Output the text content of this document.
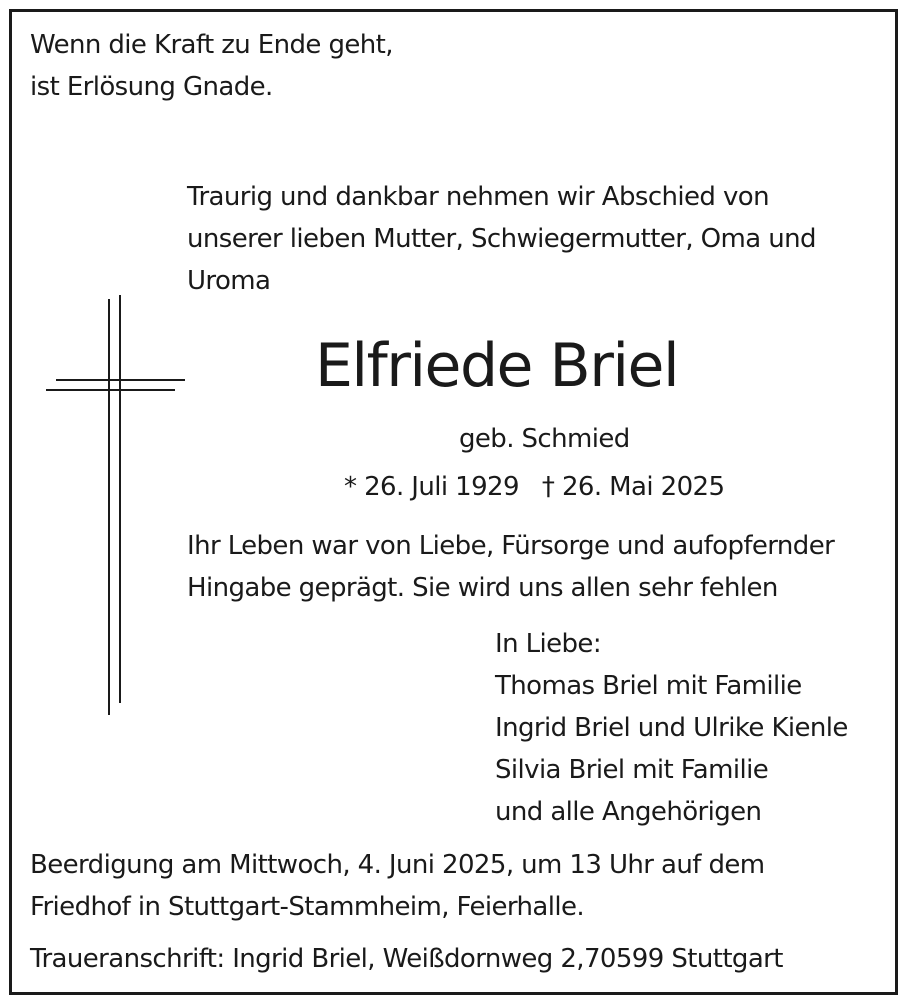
Wenn die Kraft zu Ende geht,
ist Erlösung Gnade.
Traurig und dankbar nehmen wir Abschied von
unserer lieben Mutter, Schwiegermutter, Oma und
Uroma
Elfriede Briel
geb. Schmied
* 26. Juli 1929   † 26. Mai 2025
Ihr Leben war von Liebe, Fürsorge und aufopfernder
Hingabe geprägt. Sie wird uns allen sehr fehlen
In Liebe:
Thomas Briel mit Familie
Ingrid Briel und Ulrike Kienle
Silvia Briel mit Familie
und alle Angehörigen
Beerdigung am Mittwoch, 4. Juni 2025, um 13 Uhr auf dem
Friedhof in Stuttgart-Stammheim, Feierhalle.
Traueranschrift: Ingrid Briel, Weißdornweg 2,70599 Stuttgart
